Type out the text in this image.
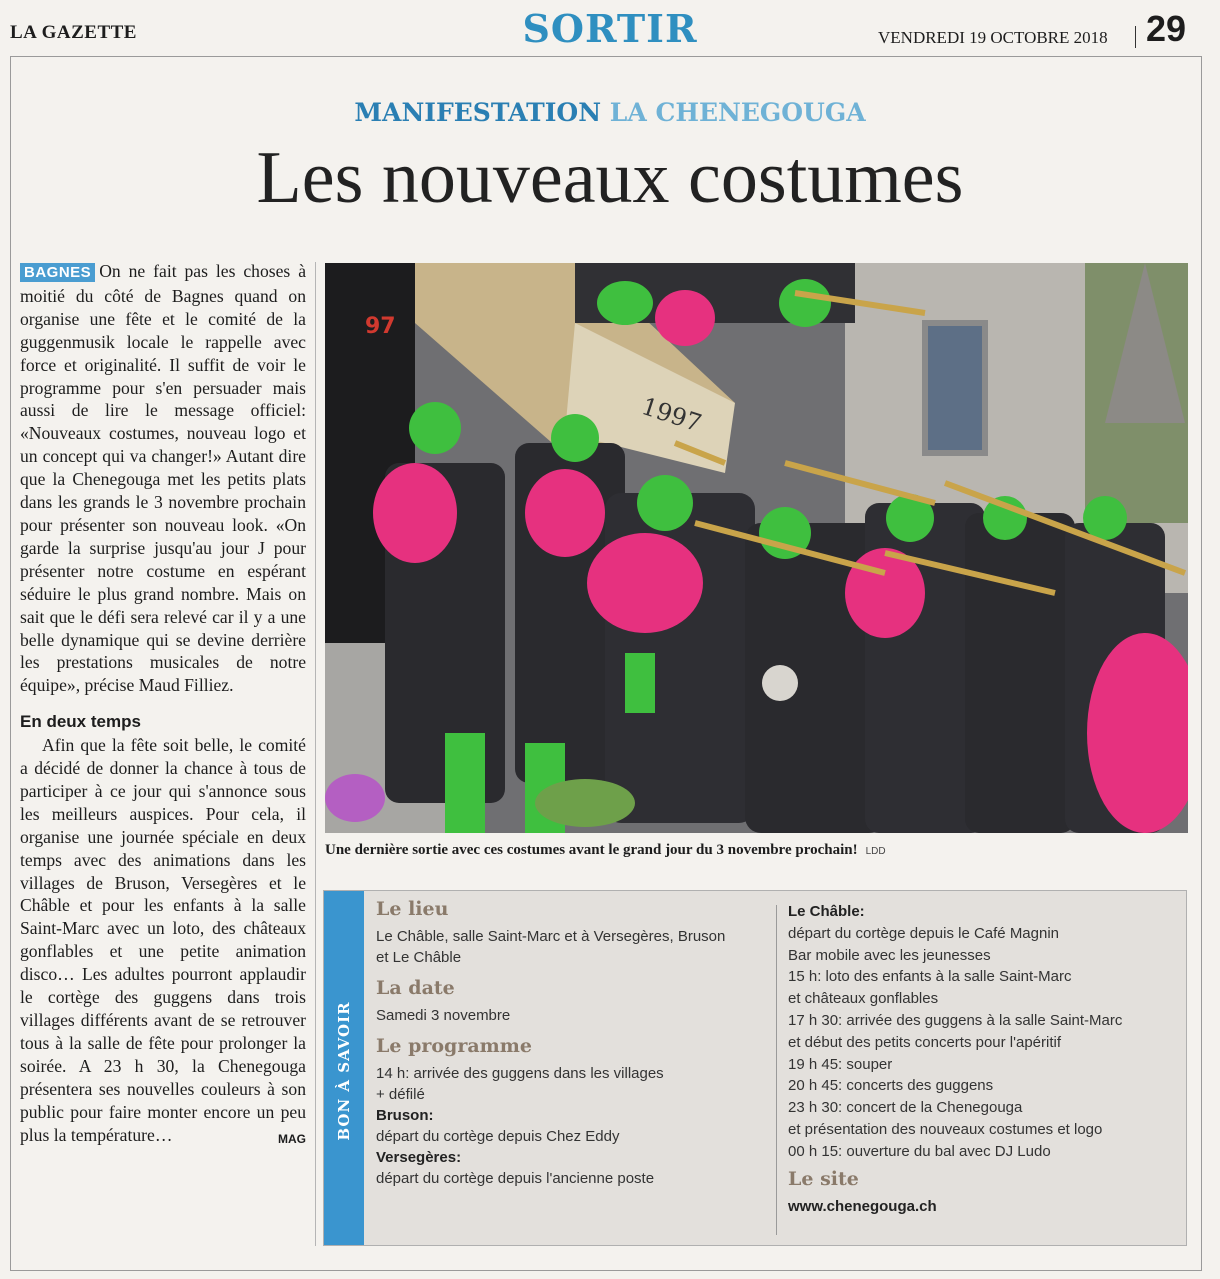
LA GAZETTE	SORTIR	VENDREDI 19 OCTOBRE 2018 29
MANIFESTATION LA CHENEGOUGA
Les nouveaux costumes

BAGNES On ne fait pas les choses à moitié du côté de Bagnes quand on organise une fête et le comité de la guggenmusik locale le rappelle avec force et originalité. Il suffit de voir le programme pour s'en persuader mais aussi de lire le message officiel: «Nouveaux costumes, nouveau logo et un concept qui va changer!» Autant dire que la Chenegouga met les petits plats dans les grands le 3 novembre prochain pour présenter son nouveau look. «On garde la surprise jusqu'au jour J pour présenter notre costume en espérant séduire le plus grand nombre. Mais on sait que le défi sera relevé car il y a une belle dynamique qui se devine derrière les prestations musicales de notre équipe», précise Maud Filliez.

En deux temps

Afin que la fête soit belle, le comité a décidé de donner la chance à tous de participer à ce jour qui s'annonce sous les meilleurs auspices. Pour cela, il organise une journée spéciale en deux temps avec des animations dans les villages de Bruson, Versegères et le Châble et pour les enfants à la salle Saint-Marc avec un loto, des châteaux gonflables et une petite animation disco… Les adultes pourront applaudir le cortège des guggens dans trois villages différents avant de se retrouver tous à la salle de fête pour prolonger la soirée. A 23 h 30, la Chenegouga présentera ses nouvelles couleurs à son public pour faire monter encore un peu plus la température…	MAG

1997
97
Une dernière sortie avec ces costumes avant le grand jour du 3 novembre prochain! LDD
BON À SAVOIR
Le lieu

Le Châble, salle Saint-Marc et à Versegères, Bruson et Le Châble

La date

Samedi 3 novembre

Le programme

14 h: arrivée des guggens dans les villages

+ défilé

Bruson:

départ du cortège depuis Chez Eddy

Versegères:

départ du cortège depuis l'ancienne poste

Le Châble:

départ du cortège depuis le Café Magnin

Bar mobile avec les jeunesses

15 h: loto des enfants à la salle Saint-Marc

et châteaux gonflables

17 h 30: arrivée des guggens à la salle Saint-Marc

et début des petits concerts pour l'apéritif

19 h 45: souper

20 h 45: concerts des guggens

23 h 30: concert de la Chenegouga

et présentation des nouveaux costumes et logo

00 h 15: ouverture du bal avec DJ Ludo

Le site

www.chenegouga.ch
